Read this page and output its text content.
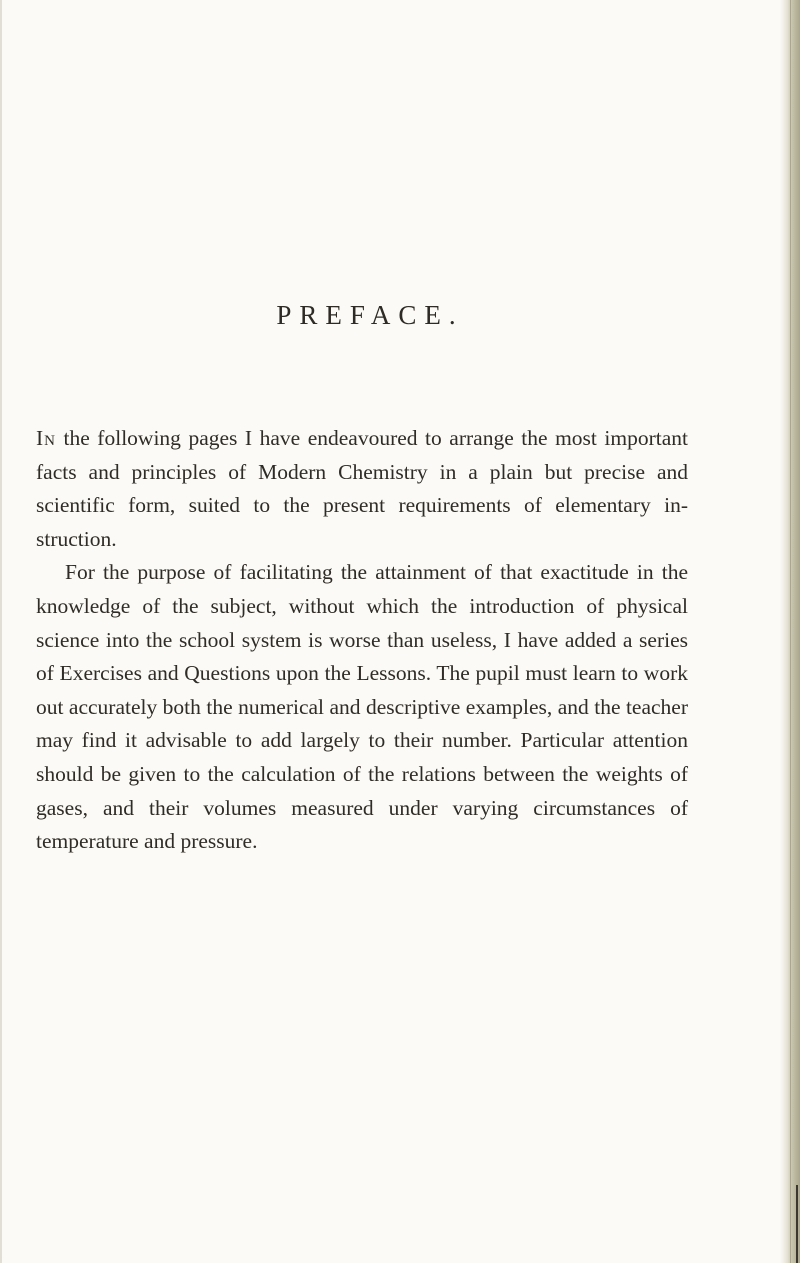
PREFACE.

In the following pages I have endeavoured to arrange the most important facts and principles of Modern Chemistry in a plain but precise and scientific form, suited to the present requirements of elementary in-struction.

For the purpose of facilitating the attainment of that exactitude in the knowledge of the subject, without which the introduction of physical science into the school system is worse than useless, I have added a series of Exercises and Questions upon the Lessons. The pupil must learn to work out accurately both the numerical and descriptive examples, and the teacher may find it advisable to add largely to their number. Particular attention should be given to the calculation of the relations between the weights of gases, and their volumes measured under varying circumstances of temperature and pressure.
